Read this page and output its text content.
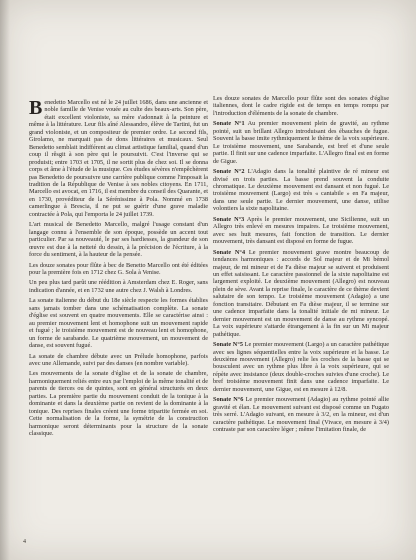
Benedetto Marcello est né le 24 juillet 1686, dans une ancienne et noble famille de Venise vouée au culte des beaux-arts. Son père, était excellent violoniste, sa mère s'adonnait à la peinture et même à la littérature. Leur fils aîné Alessandro, élève de Tartini, fut un grand violoniste, et un compositeur de premier ordre. Le second fils, Girolamo, ne marquait pas de dons littéraires et musicaux. Seul Benedetto semblait indifférent au climat artistique familial, quand d'un coup il rêsgit à son père qui le poursuivit. C'est l'inverse qui se produisit; entre 1703 et 1705, il ne sortit plus de chez soi. Il se donna corps et âme à l'étude de la musique. Ces études sévères n'empêchèrent pas Benedetto de poursuivre une carrière publique comme l'imposait la tradition de la République de Venise à ses nobles citoyens. En 1711, Marcello est avocat, en 1716, il est membre du conseil des Quarante, et en 1730, provéditeur de la Sérénissime à Pola. Nommé en 1738 camerlingue à Brescia, il ne put se guérir d'une grave maladie contractée à Pola, qui l'emporta le 24 juillet 1739.

L'art musical de Benedetto Marcello, malgré l'usage constant d'un langage connu à l'ensemble de son époque, possède un accent tout particulier. Par sa nouveauté, le par ses hardiesses, la grandeur de son œuvre est due à la netteté du dessin, à la précision de l'écriture, à la force du sentiment, à la hauteur de la pensée.

Les douze sonates pour flûte à bec de Benetto Marcello ont été éditées pour la première fois en 1712 chez G. Sola à Venise.

Un peu plus tard parût une réédition à Amsterdam chez E. Roger, sans indication d'année, et en 1732 une autre chez J. Walsh à Londres.

La sonate italienne du début du 18e siècle respecte les formes établies sans jamais tomber dans une schématisation complète. La sonate d'église est souvent en quatre mouvements. Elle se caractérise ainsi : au premier mouvement lent et homophone suit un mouvement rapide et fugué ; le troisième mouvement est de nouveau lent et homophone, un forme de sarabande. Le quatrième mouvement, un mouvement de danse, est souvent fugué.

La sonate de chambre débute avec un Prélude homophone, parfois avec une Allemande, suivi par des danses (en nombre variable).

Les mouvements de la sonate d'église et de la sonate de chambre, harmoniquement reliés entre eux par l'emploi de la même tonalité et de parents de tierces ou de quintes, sont en général structurés en deux parties. La première partie du mouvement conduit de la tonique à la dominante et dans la deuxième partie on revient de la dominante à la tonique. Des reprises finales créent une forme tripartite fermée en soi. Cette normalisation de la forme, la symétrie de la construction harmonique seront déterminants pour la structure de la sonate classique.

Les douze sonates de Marcello pour flûte sont des sonates d'église italiennes, dont le cadre rigide est de temps en temps rompu par l'introduction d'éléments de la sonate de chambre.

Sonate N°1 Au premier mouvement plein de gravité, au rythme pointé, suit un brillant Allegro introduisant des ébauches de fugue. Souvent la basse imite rythmiquement le thème de la voix supérieure. Le troisième mouvement, une Sarabande, est bref et d'une seule partie. Il finit sur une cadence imparfaite. L'Allegro final est en forme de Gigue.

Sonate N°2 L'Adagio dans la tonalité plaintive de ré mineur est divisé en trois parties. La basse prend souvent la conduite chromatique. Le deuxième mouvement est dansant et non fugué. Le troisième mouvement (Largo) est très « cantabile » en Fa majeur, dans une seule partie. Le dernier mouvement, une danse, utilise volontiers la sixte napolitaine.

Sonate N°3 Après le premier mouvement, une Sicilienne, suit un Allegro très enlevé en mesures impaires. Le troisième mouvement, avec ses huit mesures, fait fonction de transition. Le dernier mouvement, très dansant est disposé en forme de fugue.

Sonate N°4 Le premier mouvement grave montre beaucoup de tendances harmoniques : accords de Sol majeur et de Mi bémol majeur, de mi mineur et de Fa dièse majeur se suivent et produisent un effet saisissant. Le caractère passionnel de la sixte napolitaine est largement exploité. Le deuxième mouvement (Allegro) est nouveau plein de sève. Avant la reprise finale, le caractère de ce thème devient salutaire de son tempo. Le troisième mouvement (Adagio) a une fonction transitaire. Débutant en Fa dièse majeur, il se termine sur une cadence imparfaite dans la tonalité initiale de mi mineur. Le dernier mouvement est un mouvement de danse au rythme syncopé. La voix supérieure s'attarde étrangement à la fin sur un Mi majeur pathétique.

Sonate N°5 Le premier mouvement (Largo) a un caractère pathétique avec ses lignes séquentielles entre la voix supérieure et la basse. Le deuxième mouvement (Allegro) relie les croches de la basse qui se bousculent avec un rythme plus libre à la voix supérieure, qui se répète avec insistance (deux double-croches suivies d'une croche). Le bref troisième mouvement finit dans une cadence imparfaite. Le dernier mouvement, une Gigue, est en mesure à 12/8.

Sonate N°6 Le premier mouvement (Adagio) au rythme pointé allie gravité et élan. Le mouvement suivant est disposé comme un Fugato très serré. L'Adagio suivant, en mesure à 3/2, en la mineur, est d'un caractère pathétique. Le mouvement final (Vivace, en mesure à 3/4) contraste par son caractère léger ; même l'imitation finale, de

4
